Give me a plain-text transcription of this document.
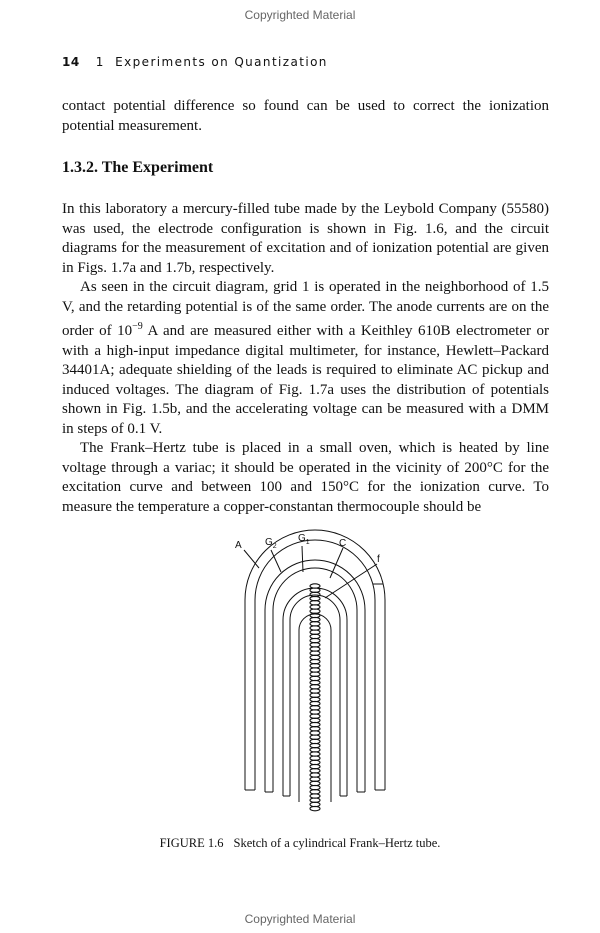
Copyrighted Material
14 1  Experiments on Quantization

contact potential difference so found can be used to correct the ionization potential measurement.

1.3.2. The Experiment

In this laboratory a mercury-filled tube made by the Leybold Company (55580) was used, the electrode configuration is shown in Fig. 1.6, and the circuit diagrams for the measurement of excitation and of ionization potential are given in Figs. 1.7a and 1.7b, respectively.

As seen in the circuit diagram, grid 1 is operated in the neighborhood of 1.5 V, and the retarding potential is of the same order. The anode currents are on the order of $10^{-9}$ A and are measured either with a Keithley 610B electrometer or with a high-input impedance digital multimeter, for instance, Hewlett–Packard 34401A; adequate shielding of the leads is required to eliminate AC pickup and induced voltages. The diagram of Fig. 1.7a uses the distribution of potentials shown in Fig. 1.5b, and the accelerating voltage can be measured with a DMM in steps of 0.1 V.

The Frank–Hertz tube is placed in a small oven, which is heated by line voltage through a variac; it should be operated in the vicinity of 200°C for the excitation curve and between 100 and 150°C for the ionization curve. To measure the temperature a copper-constantan thermocouple should be

A $G_2$
$G_1$	C
f
FIGURE 1.6 Sketch of a cylindrical Frank–Hertz tube.
Copyrighted Material
